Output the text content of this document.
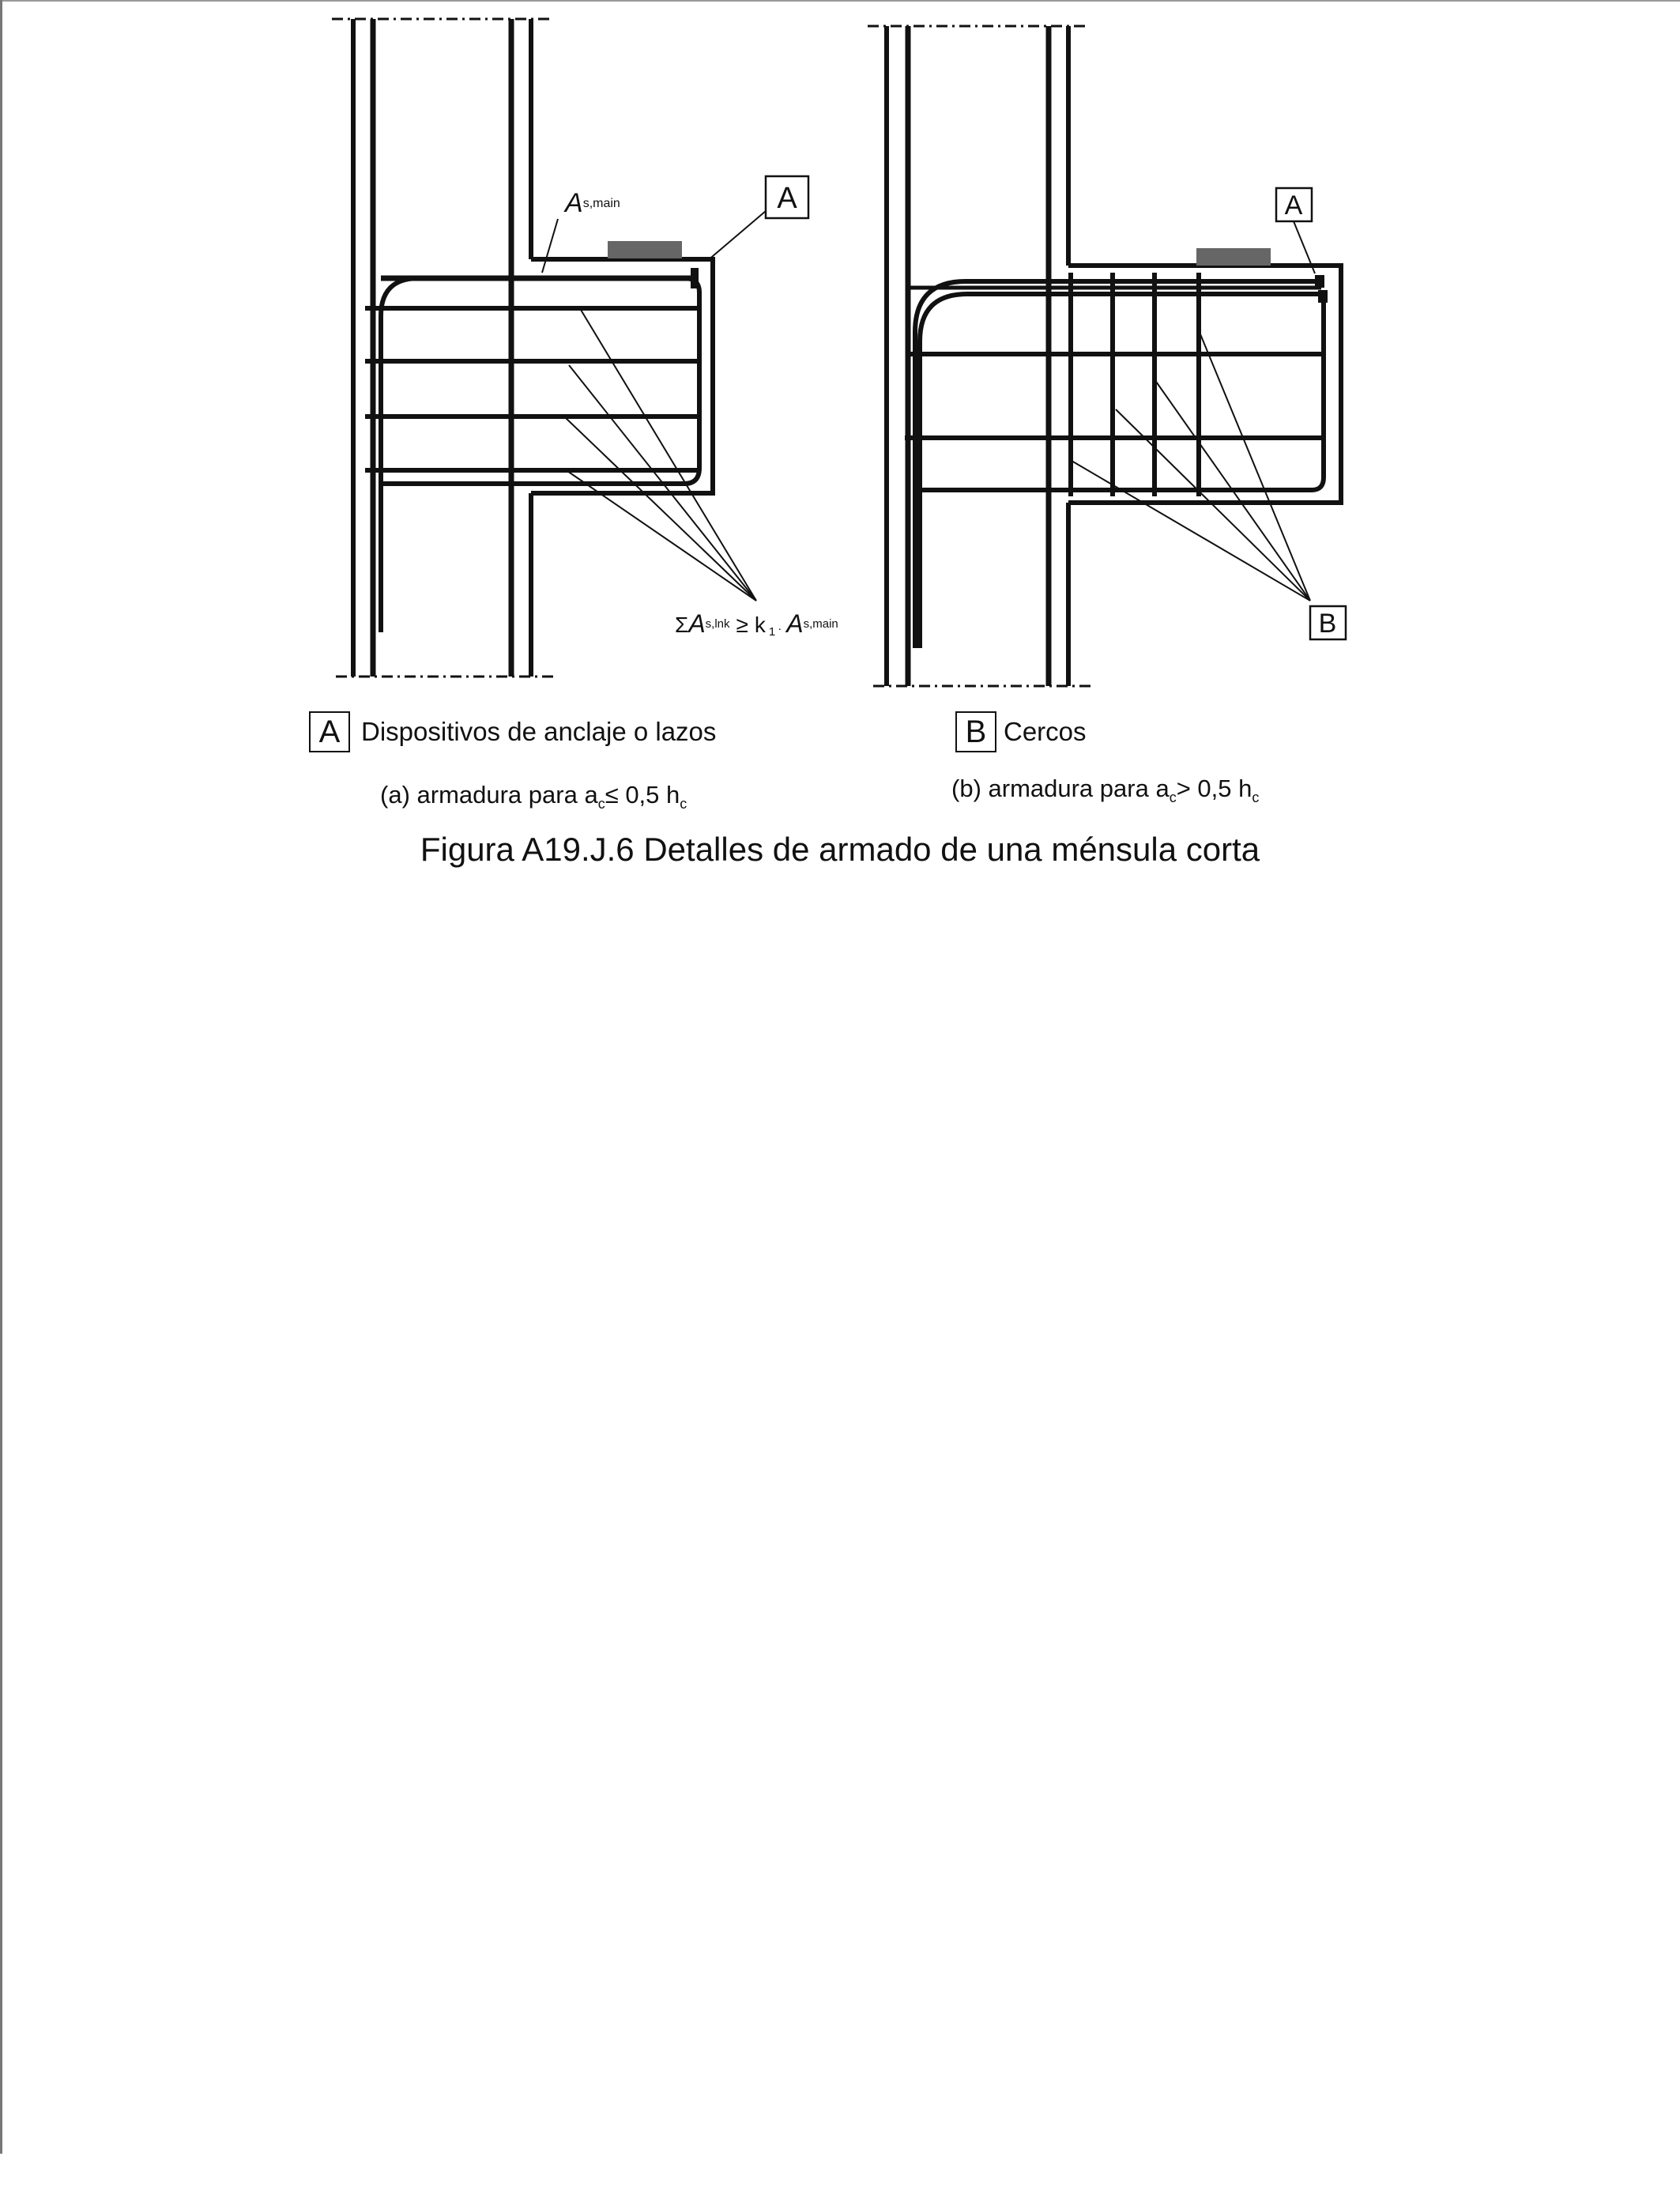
As,main	A
$\Sigma A^{s,lnk} \ge k$ $1 \cdot A^{s,main}$	B
A
A Dispositivos de anclaje o lazos	B Cercos
(a) armadura para $a_c\le 0,5$ $h_c$
(b) armadura para $a_c> 0,5$ $h_c$
Figura A19.J.6 Detalles de armado de una ménsula corta
